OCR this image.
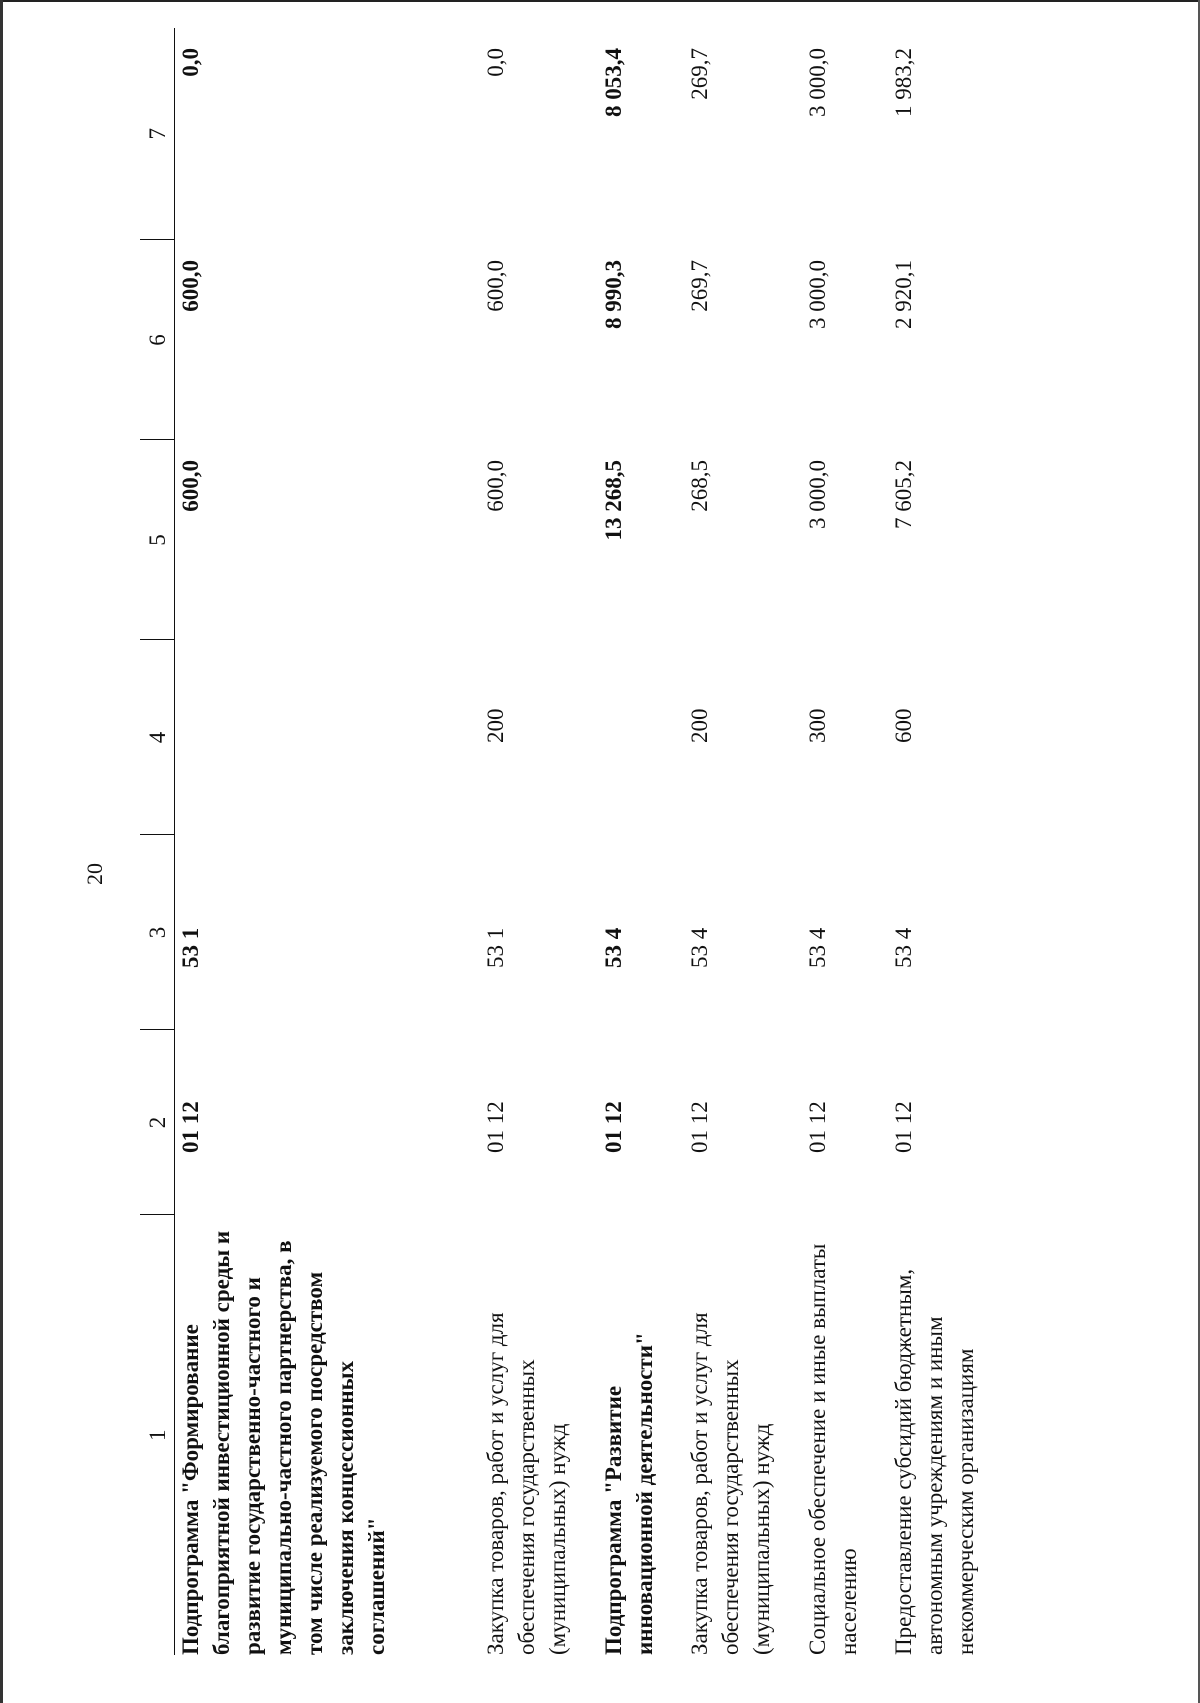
20
1	2	3	4	5	6	7
Подпрограмма "Формирование благоприятной инвестиционной среды и развитие государственно-частного и муниципально-частного партнерства, в том числе реализуемого посредством заключения концессионных соглашений"	01 12	53 1		600,0	600,0	0,0
Закупка товаров, работ и услуг для обеспечения государственных (муниципальных) нужд	01 12	53 1	200	600,0	600,0	0,0
Подпрограмма "Развитие инновационной деятельности"	01 12	53 4		13 268,5	8 990,3	8 053,4
Закупка товаров, работ и услуг для обеспечения государственных (муниципальных) нужд	01 12	53 4	200	268,5	269,7	269,7
Социальное обеспечение и иные выплаты населению	01 12	53 4	300	3 000,0	3 000,0	3 000,0
Предоставление субсидий бюджетным, автономным учреждениям и иным некоммерческим организациям	01 12	53 4	600	7 605,2	2 920,1	1 983,2
